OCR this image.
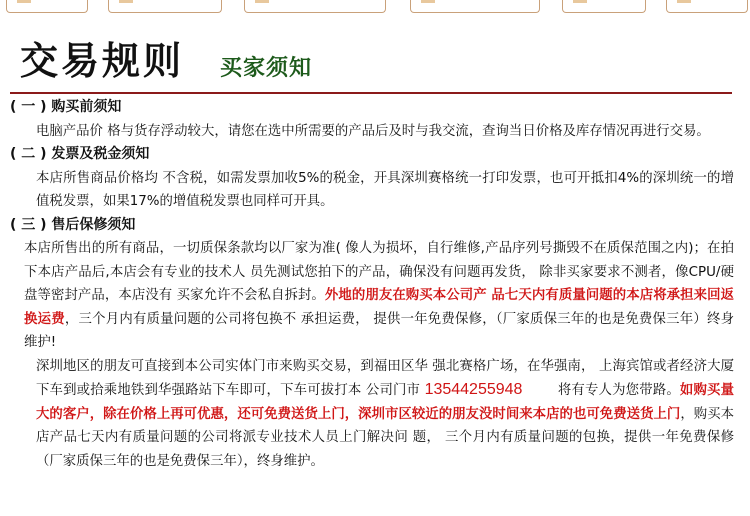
交易规则 买家须知
( 一 ) 购买前须知

电脑产品价 格与货存浮动较大，请您在选中所需要的产品后及时与我交流，查询当日价格及库存情况再进行交易。

( 二 ) 发票及税金须知

本店所售商品价格均 不含税，如需发票加收5%的税金，开具深圳赛格统一打印发票，也可开抵扣4%的深圳统一的增值税发票，如果17%的增值税发票也同样可开具。

( 三 ) 售后保修须知

本店所售出的所有商品，一切质保条款均以厂家为准( 像人为损坏，自行维修,产品序列号撕毁不在质保范围之内)；在拍下本店产品后,本店会有专业的技术人 员先测试您拍下的产品，确保没有问题再发货， 除非买家要求不测者，像CPU/硬盘等密封产品，本店没有 买家允许不会私自拆封。外地的朋友在购买本公司产 品七天内有质量问题的本店将承担来回返换运费，三个月内有质量问题的公司将包换不 承担运费， 提供一年免费保修，（厂家质保三年的也是免费保三年）终身维护!

深圳地区的朋友可直接到本公司实体门市来购买交易，到福田区华 强北赛格广场，在华强南， 上海宾馆或者经济大厦下车到或拾乘地铁到华强路站下车即可，下车可拔打本 公司门市 13544255948	将有专人为您带路。如购买量大的客户，除在价格上再可优惠，还可免费送货上门，深圳市区较近的朋友没时间来本店的也可免费送货上门，购买本店产品七天内有质量问题的公司将派专业技术人员上门解决问 题， 三个月内有质量问题的包换，提供一年免费保修（厂家质保三年的也是免费保三年），终身维护。
